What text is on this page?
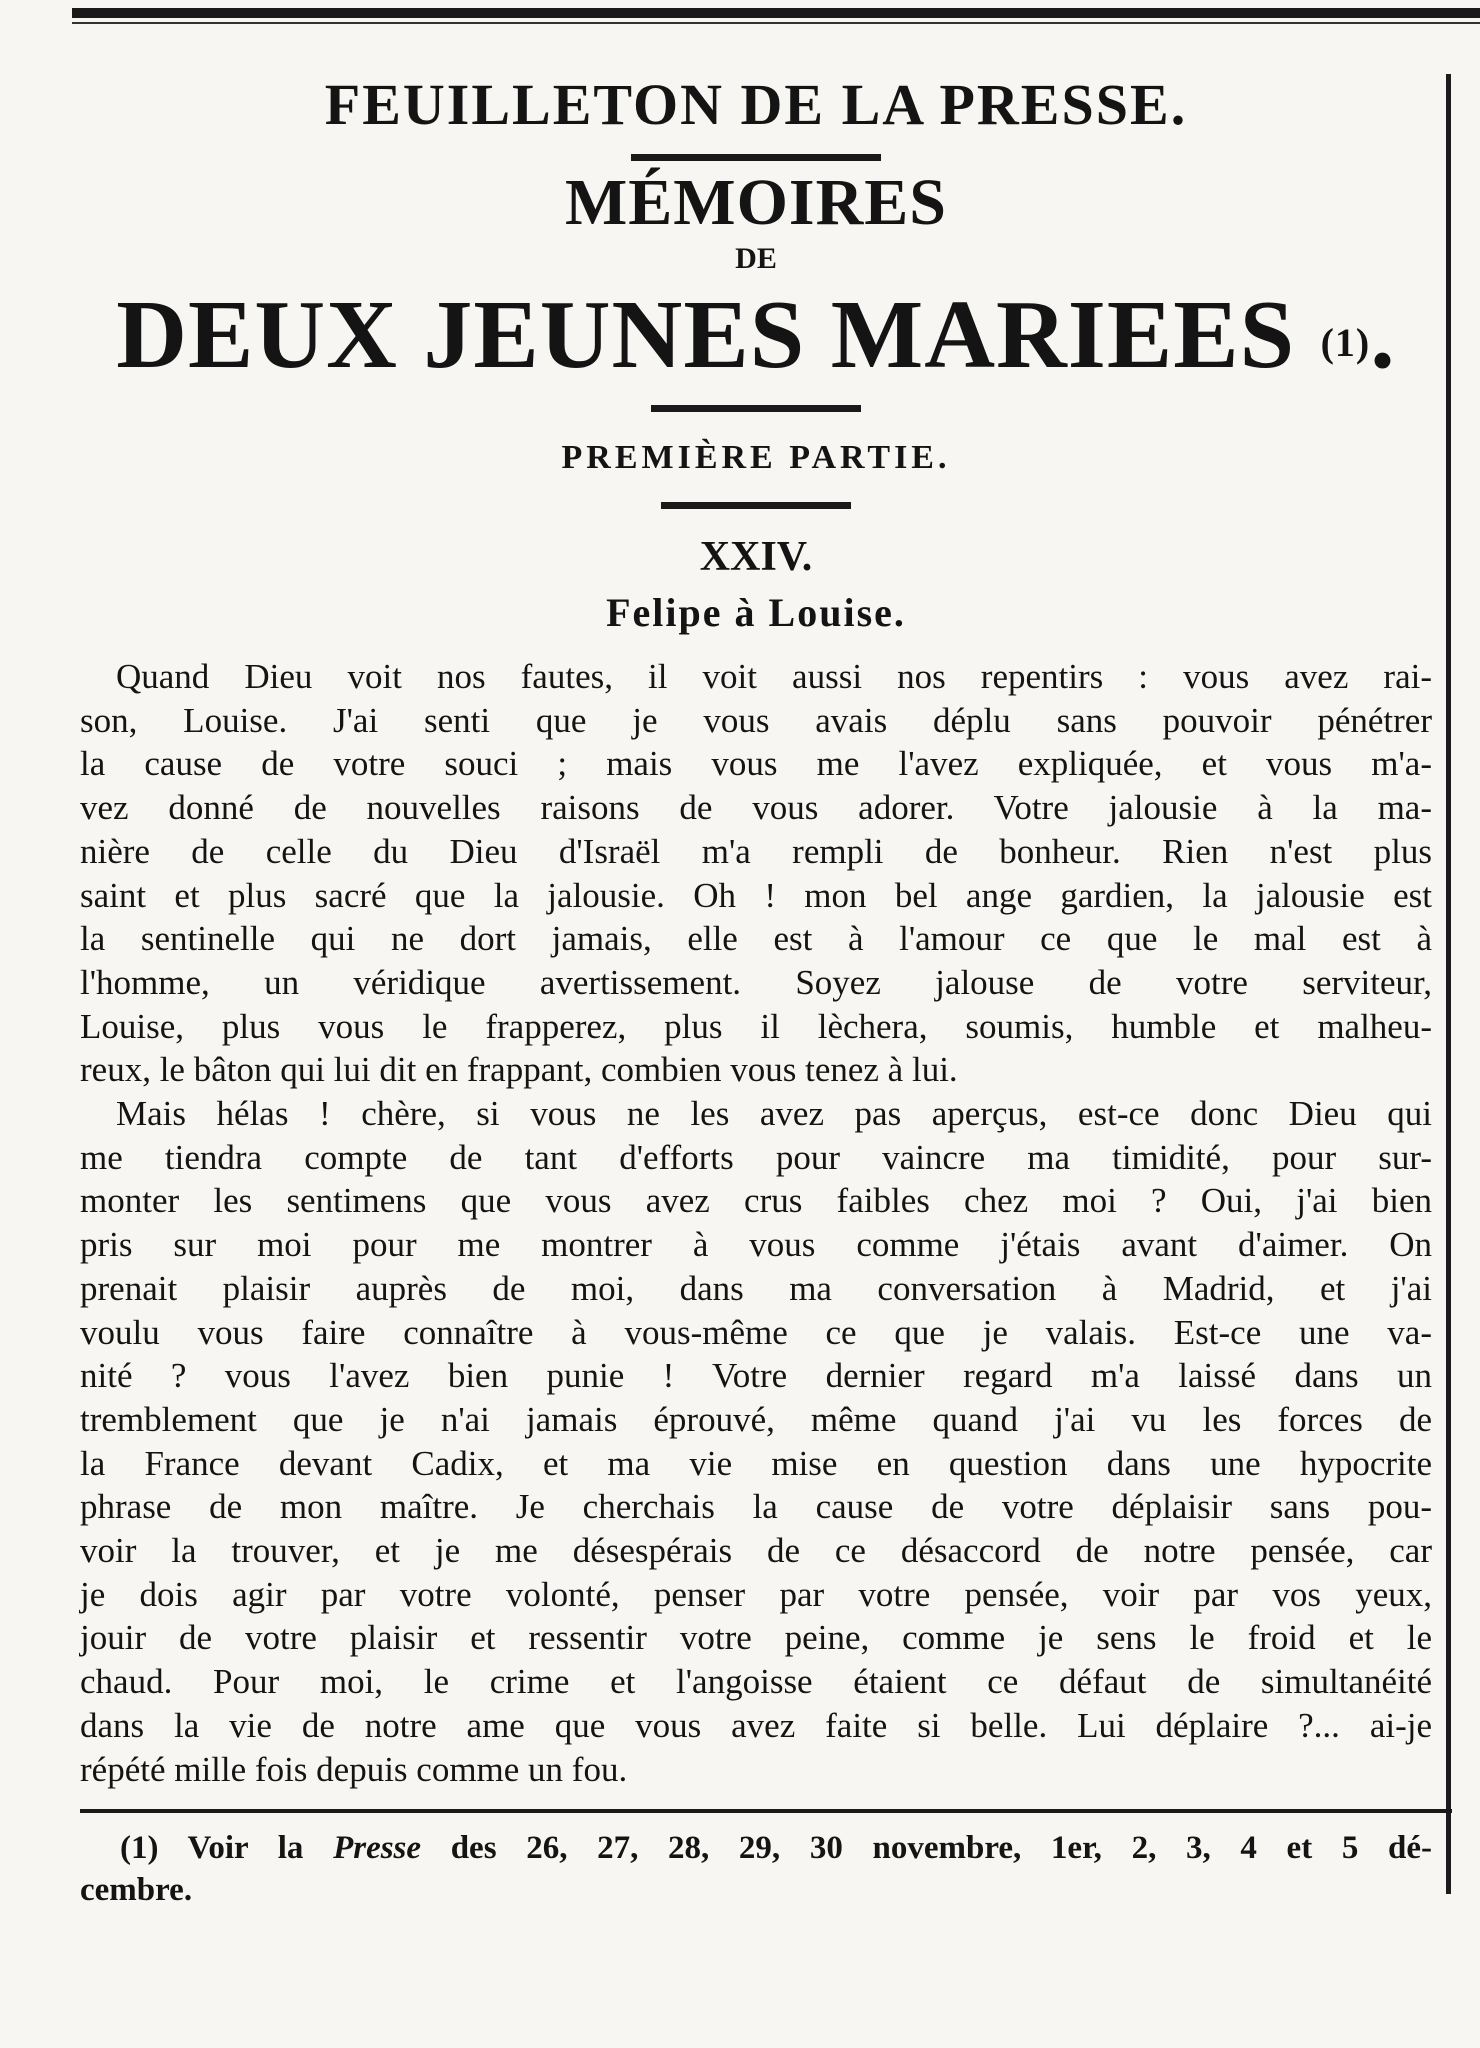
FEUILLETON DE LA PRESSE.
MÉMOIRES
DE
DEUX JEUNES MARIEES $^{(1)}$.
PREMIÈRE PARTIE.
XXIV.
Felipe à Louise.
Quand Dieu voit nos fautes, il voit aussi nos repentirs : vous avez rai-
son, Louise. J'ai senti que je vous avais déplu sans pouvoir pénétrer
la cause de votre souci ; mais vous me l'avez expliquée, et vous m'a-
vez donné de nouvelles raisons de vous adorer. Votre jalousie à la ma-
nière de celle du Dieu d'Israël m'a rempli de bonheur. Rien n'est plus
saint et plus sacré que la jalousie. Oh ! mon bel ange gardien, la jalousie est
la sentinelle qui ne dort jamais, elle est à l'amour ce que le mal est à
l'homme, un véridique avertissement. Soyez jalouse de votre serviteur,
Louise, plus vous le frapperez, plus il lèchera, soumis, humble et malheu-
reux, le bâton qui lui dit en frappant, combien vous tenez à lui.
Mais hélas ! chère, si vous ne les avez pas aperçus, est-ce donc Dieu qui
me tiendra compte de tant d'efforts pour vaincre ma timidité, pour sur-
monter les sentimens que vous avez crus faibles chez moi ? Oui, j'ai bien
pris sur moi pour me montrer à vous comme j'étais avant d'aimer. On
prenait plaisir auprès de moi, dans ma conversation à Madrid, et j'ai
voulu vous faire connaître à vous-même ce que je valais. Est-ce une va-
nité ? vous l'avez bien punie ! Votre dernier regard m'a laissé dans un
tremblement que je n'ai jamais éprouvé, même quand j'ai vu les forces de
la France devant Cadix, et ma vie mise en question dans une hypocrite
phrase de mon maître. Je cherchais la cause de votre déplaisir sans pou-
voir la trouver, et je me désespérais de ce désaccord de notre pensée, car
je dois agir par votre volonté, penser par votre pensée, voir par vos yeux,
jouir de votre plaisir et ressentir votre peine, comme je sens le froid et le
chaud. Pour moi, le crime et l'angoisse étaient ce défaut de simultanéité
dans la vie de notre ame que vous avez faite si belle. Lui déplaire ?... ai-je
répété mille fois depuis comme un fou.
(1) Voir la Presse des 26, 27, 28, 29, 30 novembre, 1er, 2, 3, 4 et 5 dé-
cembre.
